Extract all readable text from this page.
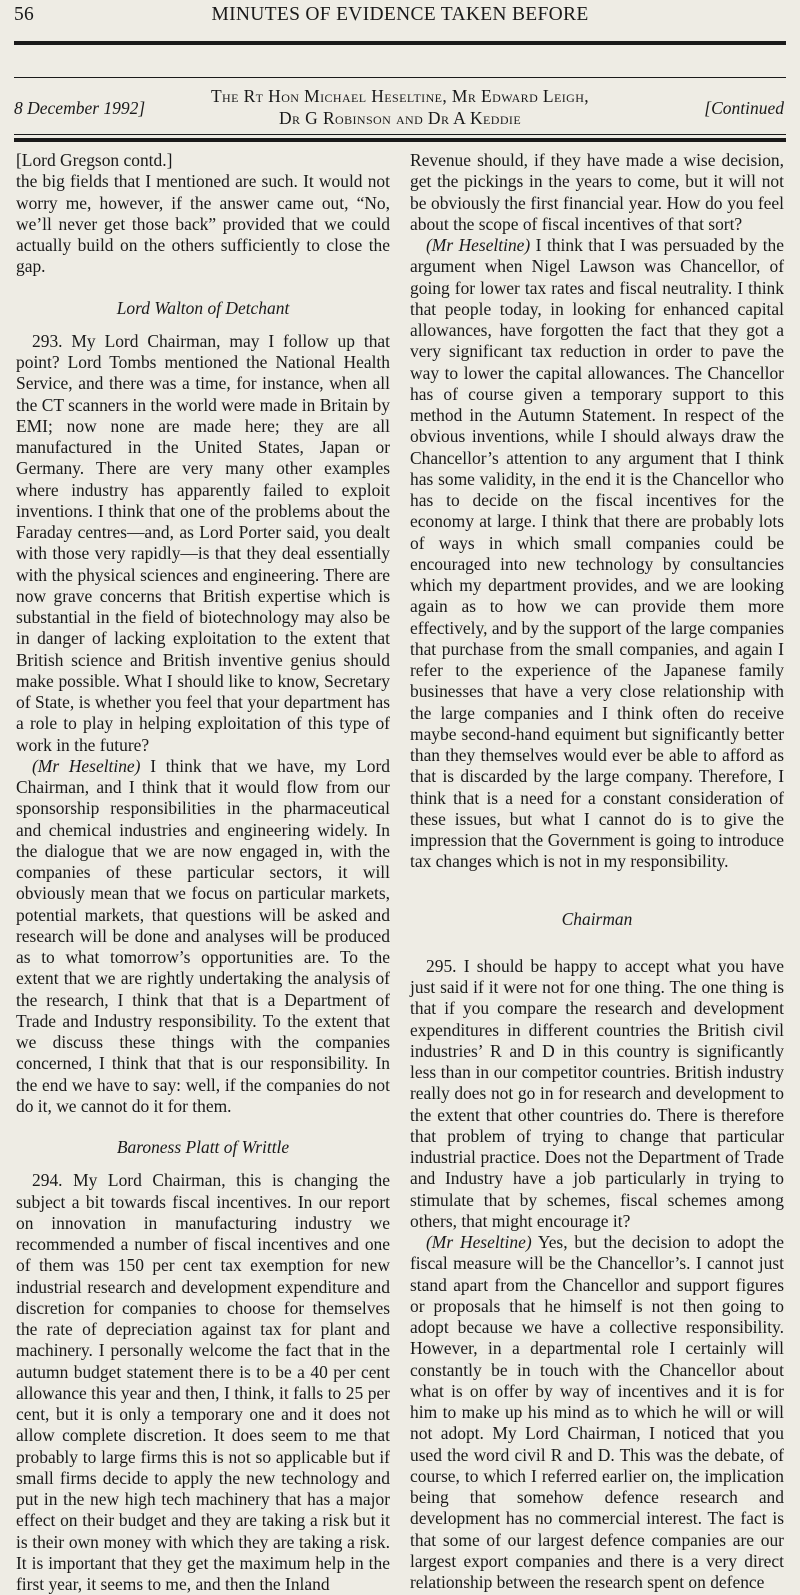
56	MINUTES OF EVIDENCE TAKEN BEFORE
8 December 1992]
The Rt Hon Michael Heseltine, Mr Edward Leigh,
Dr G Robinson and Dr A Keddie	[Continued

[Lord Gregson contd.]

the big fields that I mentioned are such. It would not worry me, however, if the answer came out, “No, we’ll never get those back” provided that we could actually build on the others sufficiently to close the gap.

Lord Walton of Detchant

293. My Lord Chairman, may I follow up that point? Lord Tombs mentioned the National Health Service, and there was a time, for instance, when all the CT scanners in the world were made in Britain by EMI; now none are made here; they are all manufactured in the United States, Japan or Germany. There are very many other examples where industry has apparently failed to exploit inventions. I think that one of the problems about the Faraday centres—and, as Lord Porter said, you dealt with those very rapidly—is that they deal essentially with the physical sciences and engineering. There are now grave concerns that British expertise which is substantial in the field of biotechnology may also be in danger of lacking exploitation to the extent that British science and British inventive genius should make possible. What I should like to know, Secretary of State, is whether you feel that your department has a role to play in helping exploitation of this type of work in the future?

(Mr Heseltine) I think that we have, my Lord Chairman, and I think that it would flow from our sponsorship responsibilities in the pharmaceutical and chemical industries and engineering widely. In the dialogue that we are now engaged in, with the companies of these particular sectors, it will obviously mean that we focus on particular markets, potential markets, that questions will be asked and research will be done and analyses will be produced as to what tomorrow’s opportunities are. To the extent that we are rightly undertaking the analysis of the research, I think that that is a Department of Trade and Industry responsibility. To the extent that we discuss these things with the companies concerned, I think that that is our responsibility. In the end we have to say: well, if the companies do not do it, we cannot do it for them.

Baroness Platt of Writtle

294. My Lord Chairman, this is changing the subject a bit towards fiscal incentives. In our report on innovation in manufacturing industry we recommended a number of fiscal incentives and one of them was 150 per cent tax exemption for new industrial research and development expenditure and discretion for companies to choose for themselves the rate of depreciation against tax for plant and machinery. I personally welcome the fact that in the autumn budget statement there is to be a 40 per cent allowance this year and then, I think, it falls to 25 per cent, but it is only a temporary one and it does not allow complete discretion. It does seem to me that probably to large firms this is not so applicable but if small firms decide to apply the new technology and put in the new high tech machinery that has a major effect on their budget and they are taking a risk but it is their own money with which they are taking a risk. It is important that they get the maximum help in the first year, it seems to me, and then the Inland

Revenue should, if they have made a wise decision, get the pickings in the years to come, but it will not be obviously the first financial year. How do you feel about the scope of fiscal incentives of that sort?

(Mr Heseltine) I think that I was persuaded by the argument when Nigel Lawson was Chancellor, of going for lower tax rates and fiscal neutrality. I think that people today, in looking for enhanced capital allowances, have forgotten the fact that they got a very significant tax reduction in order to pave the way to lower the capital allowances. The Chancellor has of course given a temporary support to this method in the Autumn Statement. In respect of the obvious inventions, while I should always draw the Chancellor’s attention to any argument that I think has some validity, in the end it is the Chancellor who has to decide on the fiscal incentives for the economy at large. I think that there are probably lots of ways in which small companies could be encouraged into new technology by consultancies which my department provides, and we are looking again as to how we can provide them more effectively, and by the support of the large companies that purchase from the small companies, and again I refer to the experience of the Japanese family businesses that have a very close relationship with the large companies and I think often do receive maybe second-hand equiment but significantly better than they themselves would ever be able to afford as that is discarded by the large company. Therefore, I think that is a need for a constant consideration of these issues, but what I cannot do is to give the impression that the Government is going to introduce tax changes which is not in my responsibility.

Chairman

295. I should be happy to accept what you have just said if it were not for one thing. The one thing is that if you compare the research and development expenditures in different countries the British civil industries’ R and D in this country is significantly less than in our competitor countries. British industry really does not go in for research and development to the extent that other countries do. There is therefore that problem of trying to change that particular industrial practice. Does not the Department of Trade and Industry have a job particularly in trying to stimulate that by schemes, fiscal schemes among others, that might encourage it?

(Mr Heseltine) Yes, but the decision to adopt the fiscal measure will be the Chancellor’s. I cannot just stand apart from the Chancellor and support figures or proposals that he himself is not then going to adopt because we have a collective responsibility. However, in a departmental role I certainly will constantly be in touch with the Chancellor about what is on offer by way of incentives and it is for him to make up his mind as to which he will or will not adopt. My Lord Chairman, I noticed that you used the word civil R and D. This was the debate, of course, to which I referred earlier on, the implication being that somehow defence research and development has no commercial interest. The fact is that some of our largest defence companies are our largest export companies and there is a very direct relationship between the research spent on defence
